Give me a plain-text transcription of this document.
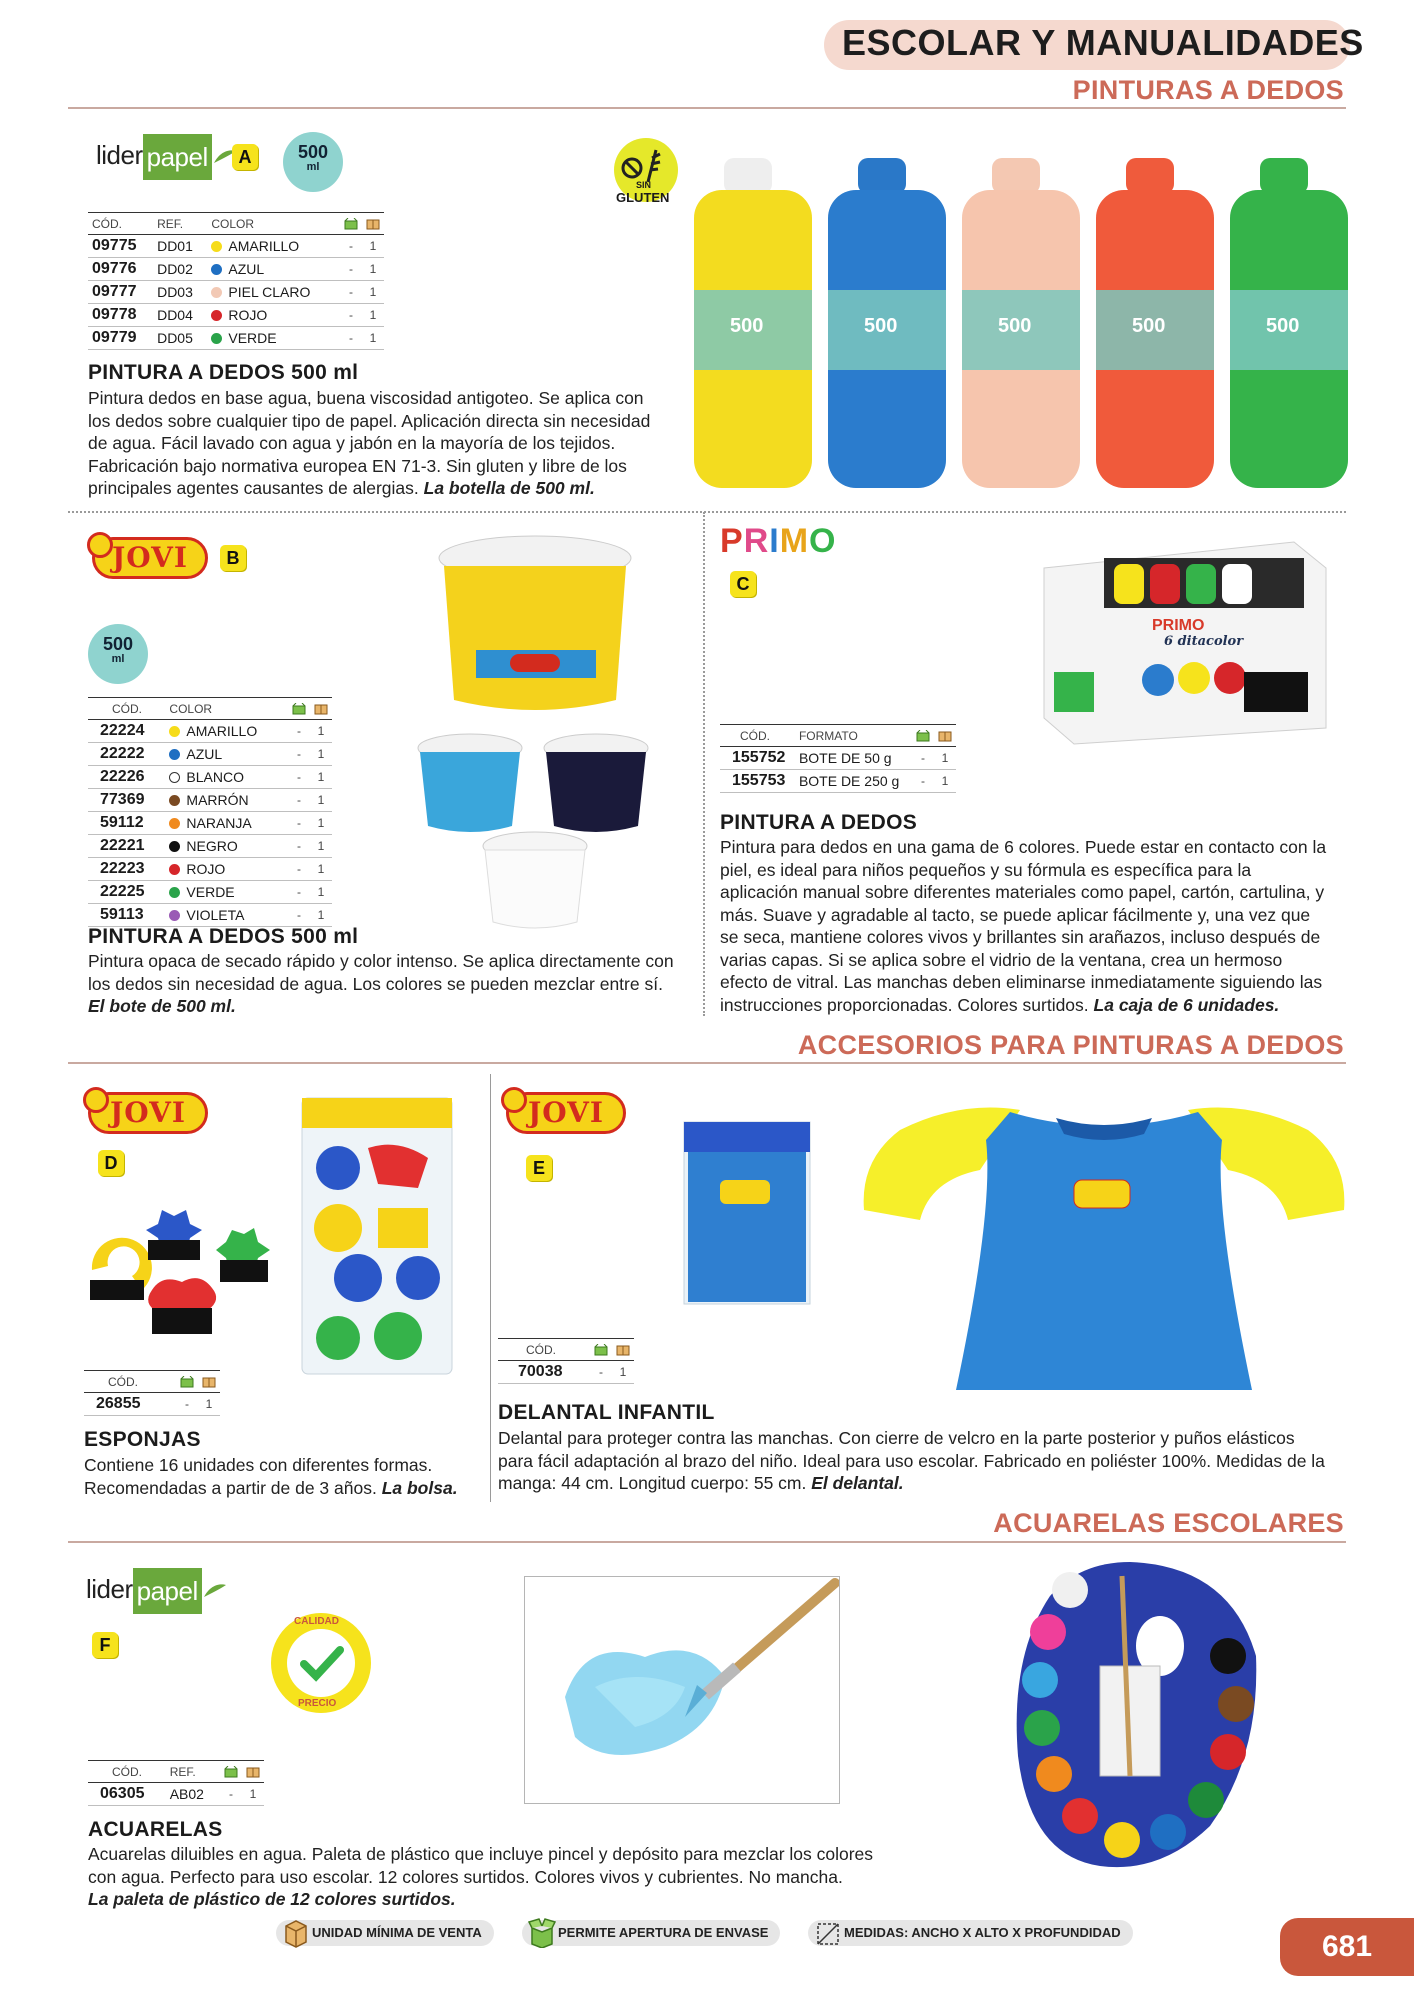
ESCOLAR Y MANUALIDADES
PINTURAS A DEDOS
lider papel	A	500
ml
CÓD.	REF.	COLOR		
09775	DD01	AMARILLO	-	1
09776	DD02	AZUL	-	1
09777	DD03	PIEL CLARO	-	1
09778	DD04	ROJO	-	1
09779	DD05	VERDE	-	1
PINTURA A DEDOS 500 ml
Pintura dedos en base agua, buena viscosidad antigoteo. Se aplica con los dedos sobre cualquier tipo de papel. Aplicación directa sin necesidad de agua. Fácil lavado con agua y jabón en la mayoría de los tejidos. Fabricación bajo normativa europea EN 71-3. Sin gluten y libre de los principales agentes causantes de alergias. La botella de 500 ml.
SIN
GLUTEN
500	500	500	500	500
JOVI	B
500
ml
CÓD.	COLOR		
22224	AMARILLO	-	1
22222	AZUL	-	1
22226	BLANCO	-	1
77369	MARRÓN	-	1
59112	NARANJA	-	1
22221	NEGRO	-	1
22223	ROJO	-	1
22225	VERDE	-	1
59113	VIOLETA	-	1
PINTURA A DEDOS 500 ml
Pintura opaca de secado rápido y color intenso. Se aplica directamente con los dedos sin necesidad de agua. Los colores se pueden mezclar entre sí. El bote de 500 ml.
PRIMO
C
PRIMO
6 ditacolor
CÓD.	FORMATO		
155752	BOTE DE 50 g	-	1
155753	BOTE DE 250 g	-	1
PINTURA A DEDOS
Pintura para dedos en una gama de 6 colores. Puede estar en contacto con la piel, es ideal para niños pequeños y su fórmula es específica para la aplicación manual sobre diferentes materiales como papel, cartón, cartulina, y más. Suave y agradable al tacto, se puede aplicar fácilmente y, una vez que se seca, mantiene colores vivos y brillantes sin arañazos, incluso después de varias capas. Si se aplica sobre el vidrio de la ventana, crea un hermoso efecto de vitral. Las manchas deben eliminarse inmediatamente siguiendo las instrucciones proporcionadas. Colores surtidos. La caja de 6 unidades.
ACCESORIOS PARA PINTURAS A DEDOS
JOVI
D
CÓD.		
26855	-	1
ESPONJAS
Contiene 16 unidades con diferentes formas. Recomendadas a partir de de 3 años. La bolsa.
JOVI
E
CÓD.		
70038	-	1
DELANTAL INFANTIL
Delantal para proteger contra las manchas. Con cierre de velcro en la parte posterior y puños elásticos para fácil adaptación al brazo del niño. Ideal para uso escolar. Fabricado en poliéster 100%. Medidas de la manga: 44 cm. Longitud cuerpo: 55 cm. El delantal.
ACUARELAS ESCOLARES
lider papel
F
CALIDAD
PRECIO
CÓD.	REF.		
06305	AB02	-	1
ACUARELAS
Acuarelas diluibles en agua. Paleta de plástico que incluye pincel y depósito para mezclar los colores con agua. Perfecto para uso escolar. 12 colores surtidos. Colores vivos y cubrientes. No mancha.
La paleta de plástico de 12 colores surtidos.
UNIDAD MÍNIMA DE VENTA	PERMITE APERTURA DE ENVASE	MEDIDAS: ANCHO X ALTO X PROFUNDIDAD	681
